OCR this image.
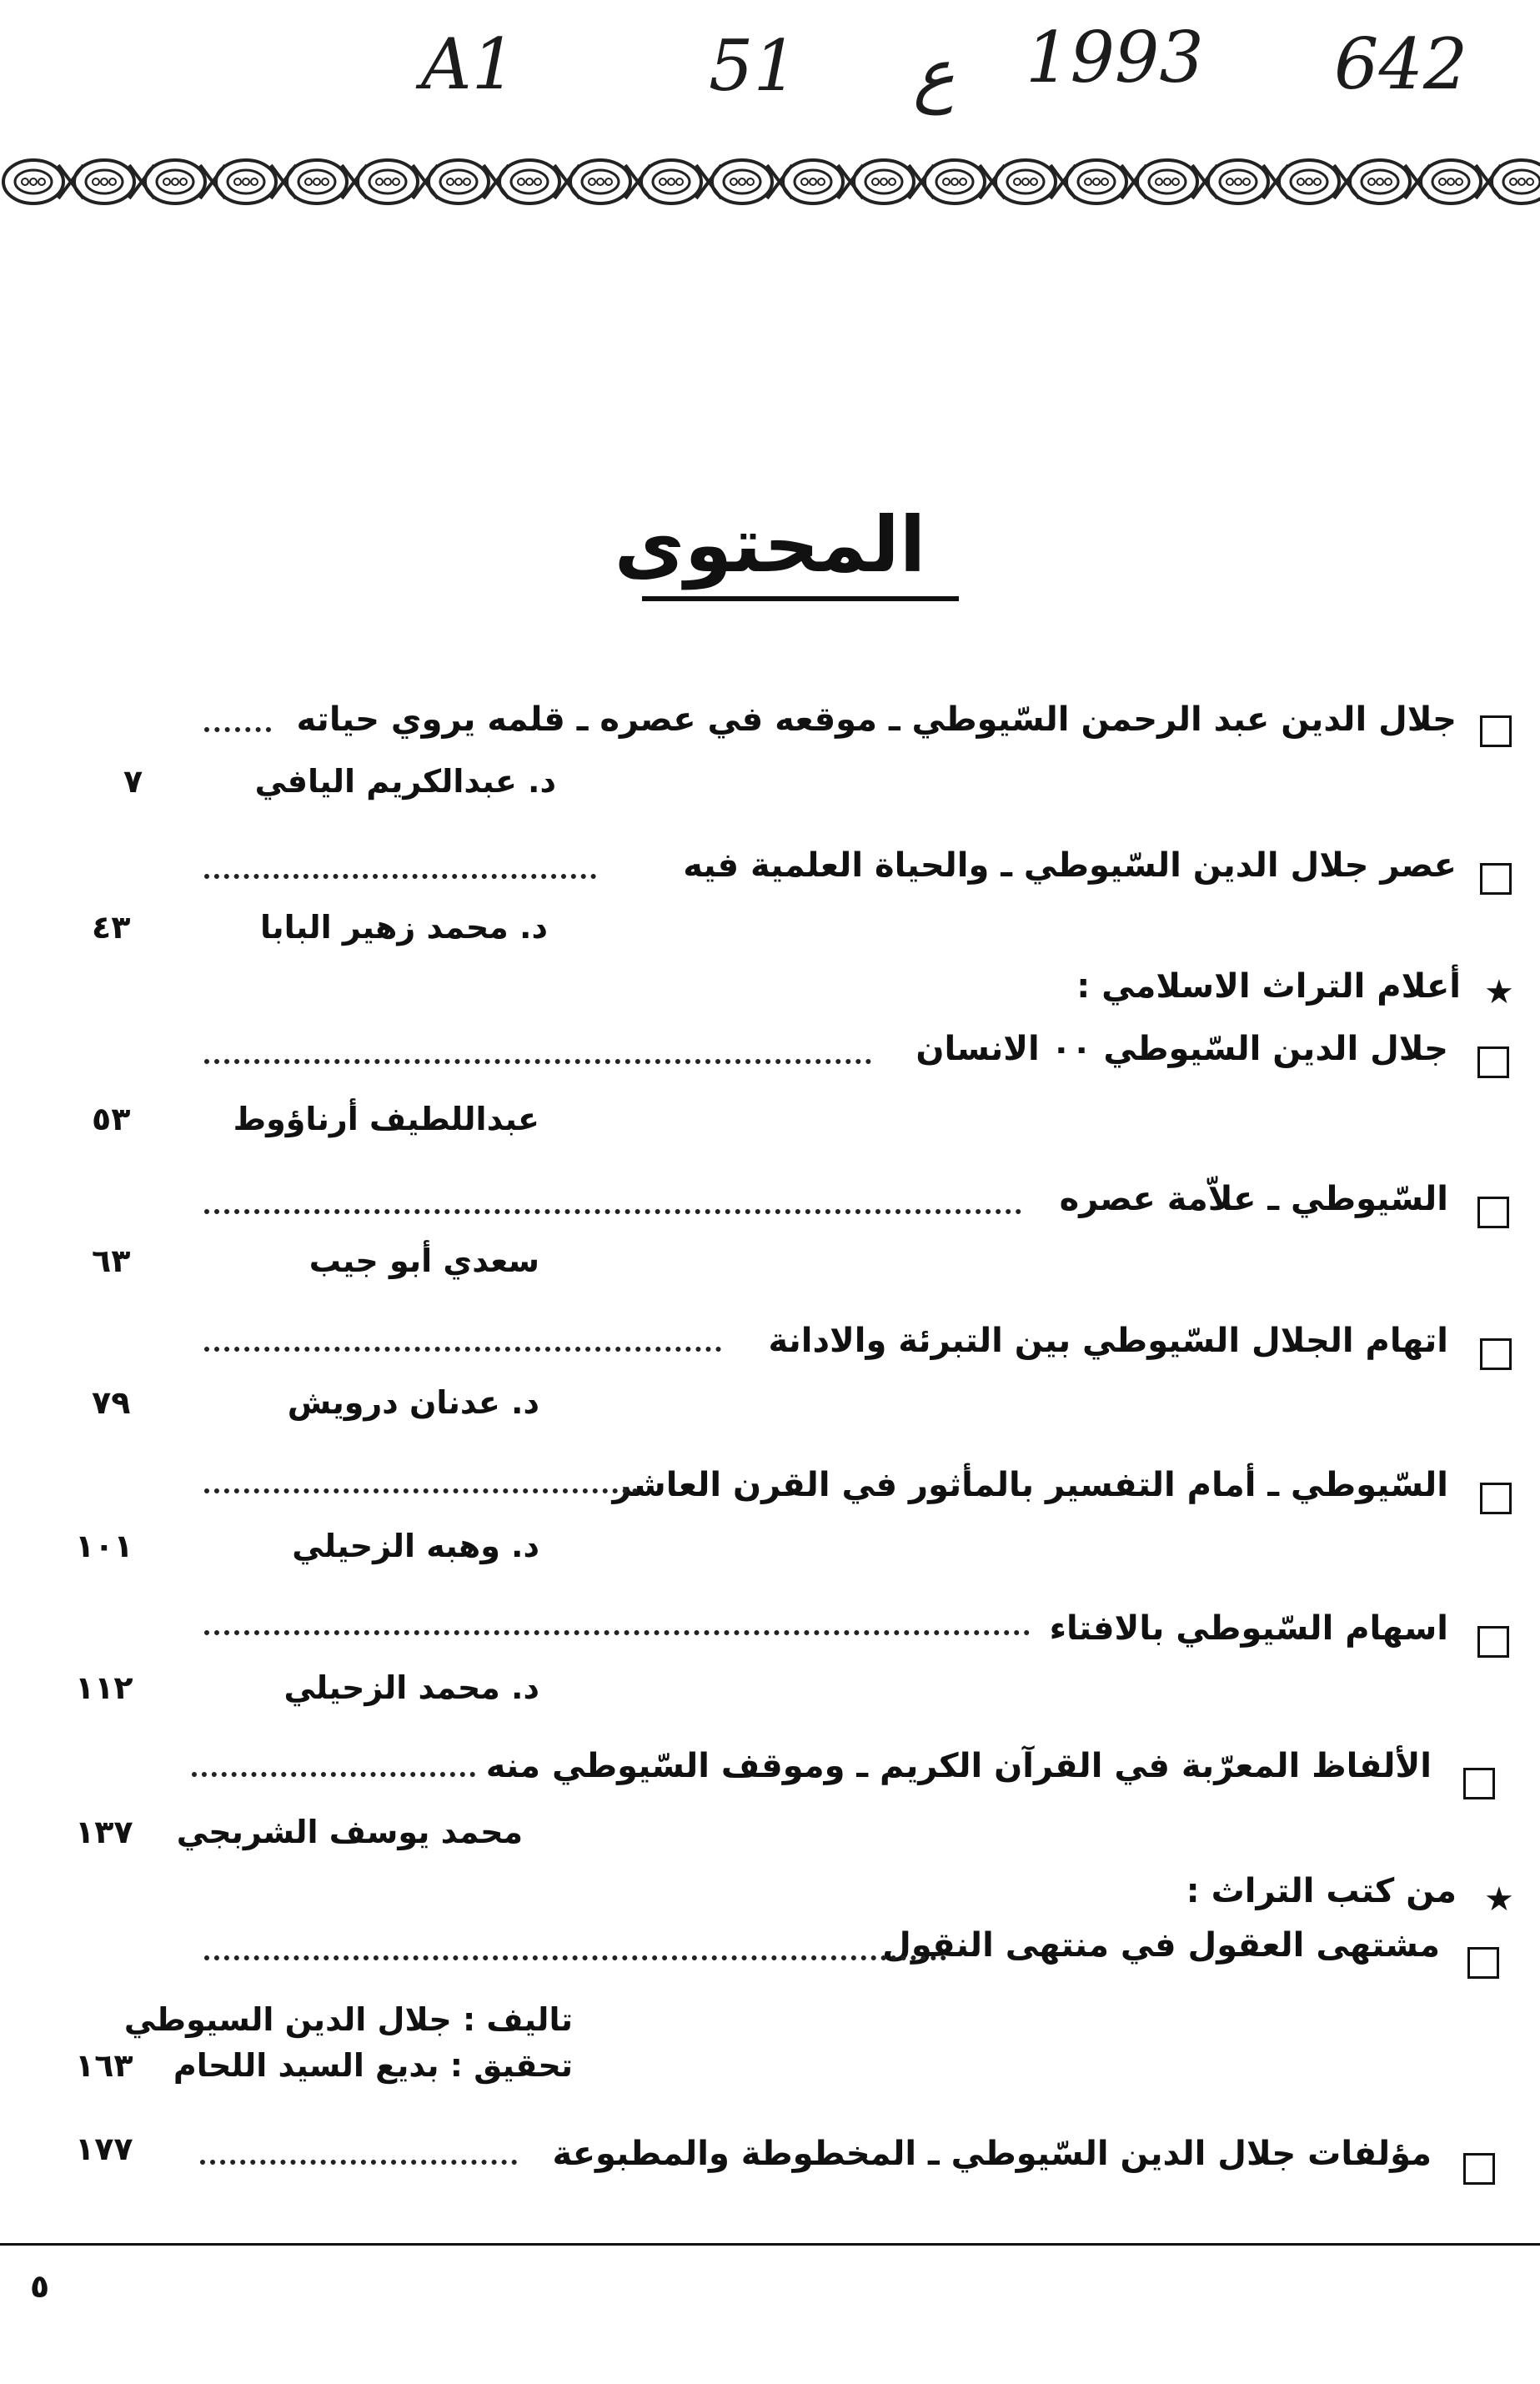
A1	51 ع 1993 642
المحتوى
جلال الدين عبد الرحمن السّيوطي ـ موقعه في عصره ـ قلمه يروي حياته
د. عبدالكريم اليافي
٧
عصر جلال الدين السّيوطي ـ والحياة العلمية فيه
د. محمد زهير البابا
٤٣
★
أعلام التراث الاسلامي :
جلال الدين السّيوطي ٠٠ الانسان
عبداللطيف أرناؤوط
٥٣
السّيوطي ـ علاّمة عصره
سعدي أبو جيب
٦٣
اتهام الجلال السّيوطي بين التبرئة والادانة
د. عدنان درويش
٧٩
السّيوطي ـ أمام التفسير بالمأثور في القرن العاشر
د. وهبه الزحيلي
١٠١
اسهام السّيوطي بالافتاء
د. محمد الزحيلي
١١٢
الألفاظ المعرّبة في القرآن الكريم ـ وموقف السّيوطي منه
محمد يوسف الشربجي
١٣٧
★
من كتب التراث :
مشتهى العقول في منتهى النقول
تاليف : جلال الدين السيوطي
تحقيق : بديع السيد اللحام
١٦٣
مؤلفات جلال الدين السّيوطي ـ المخطوطة والمطبوعة
١٧٧
٥
